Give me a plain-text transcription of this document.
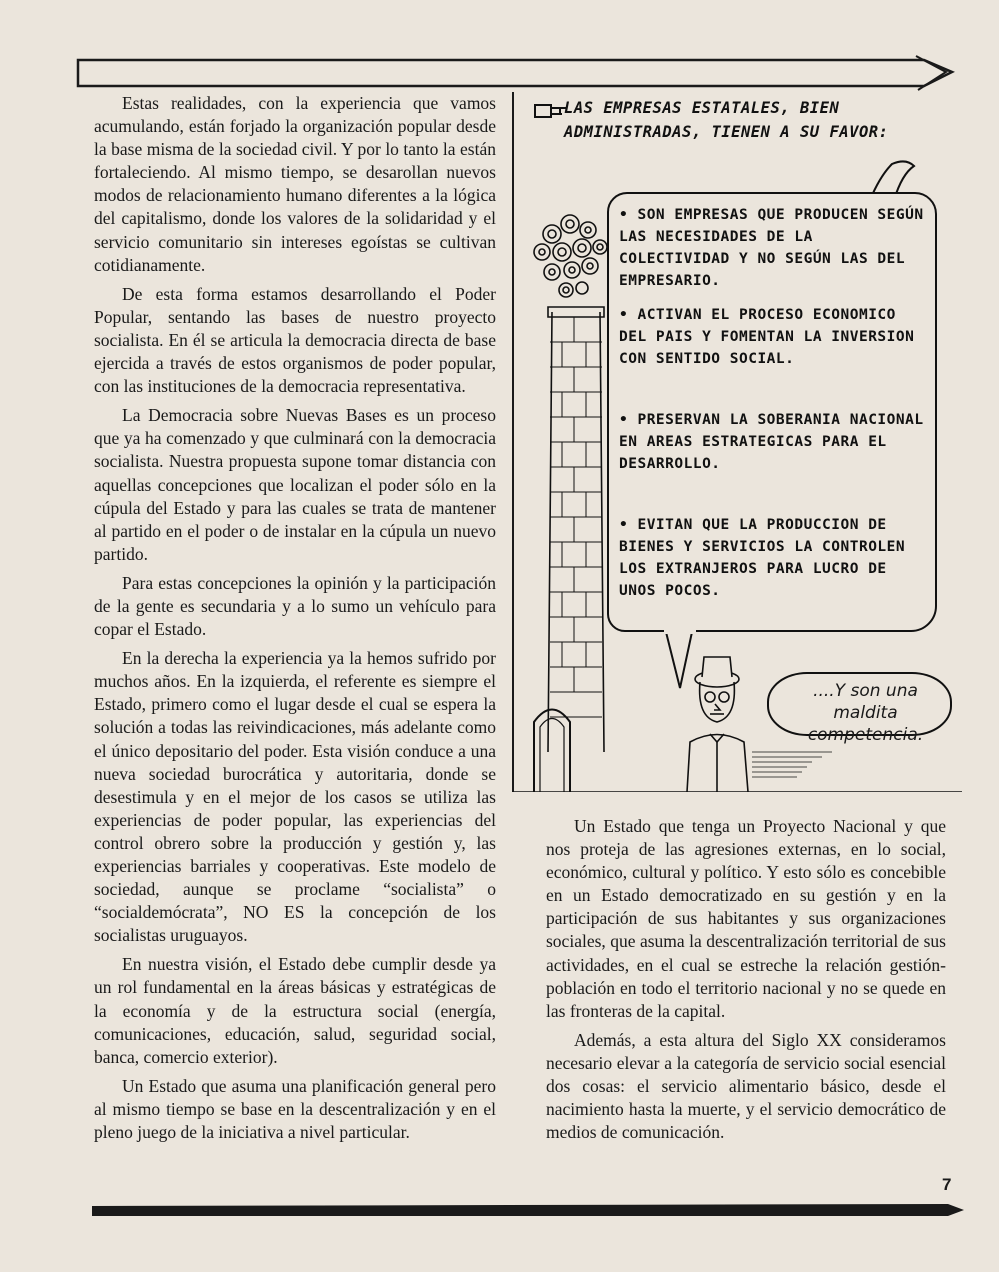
Estas realidades, con la experiencia que vamos acumulando, están forjado la organización popular desde la base misma de la sociedad civil. Y por lo tanto la están fortaleciendo. Al mismo tiempo, se desarollan nuevos modos de relacionamiento humano diferentes a la lógica del capitalismo, donde los valores de la solidaridad y el servicio comunitario sin intereses egoístas se cultivan cotidianamente.

De esta forma estamos desarrollando el Poder Popular, sentando las bases de nuestro proyecto socialista. En él se articula la democracia directa de base ejercida a través de estos organismos de poder popular, con las instituciones de la democracia representativa.

La Democracia sobre Nuevas Bases es un proceso que ya ha comenzado y que culminará con la democracia socialista. Nuestra propuesta supone tomar distancia con aquellas concepciones que localizan el poder sólo en la cúpula del Estado y para las cuales se trata de mantener al partido en el poder o de instalar en la cúpula un nuevo partido.

Para estas concepciones la opinión y la participación de la gente es secundaria y a lo sumo un vehículo para copar el Estado.

En la derecha la experiencia ya la hemos sufrido por muchos años. En la izquierda, el referente es siempre el Estado, primero como el lugar desde el cual se espera la solución a todas las reivindicaciones, más adelante como el único depositario del poder. Esta visión conduce a una nueva sociedad burocrática y autoritaria, donde se desestimula y en el mejor de los casos se utiliza las experiencias de poder popular, las experiencias del control obrero sobre la producción y gestión y, las experiencias barriales y cooperativas. Este modelo de sociedad, aunque se proclame “socialista” o “socialdemócrata”, NO ES la concepción de los socialistas uruguayos.

En nuestra visión, el Estado debe cumplir desde ya un rol fundamental en la áreas básicas y estratégicas de la economía y de la estructura social (energía, comunicaciones, educación, salud, seguridad social, banca, comercio exterior).

Un Estado que asuma una planificación general pero al mismo tiempo se base en la descentralización y en el pleno juego de la iniciativa a nivel particular.

LAS EMPRESAS ESTATALES, BIEN
ADMINISTRADAS, TIENEN A SU FAVOR:
• SON EMPRESAS QUE PRODUCEN SEGÚN LAS NECESIDADES DE LA COLECTIVIDAD Y NO SEGÚN LAS DEL EMPRESARIO.
• ACTIVAN EL PROCESO ECONOMICO DEL PAIS Y FOMENTAN LA INVERSION CON SENTIDO SOCIAL.
• PRESERVAN LA SOBERANIA NACIONAL EN AREAS ESTRATEGICAS PARA EL DESARROLLO.
• EVITAN QUE LA PRODUCCION DE BIENES Y SERVICIOS LA CONTROLEN LOS EXTRANJEROS PARA LUCRO DE UNOS POCOS.
....Y son una maldita competencia.

Un Estado que tenga un Proyecto Nacional y que nos proteja de las agresiones externas, en lo social, económico, cultural y político. Y esto sólo es concebible en un Estado democratizado en su gestión y en la participación de sus habitantes y sus organizaciones sociales, que asuma la descentralización territorial de sus actividades, en el cual se estreche la relación gestión-población en todo el territorio nacional y no se quede en las fronteras de la capital.

Además, a esta altura del Siglo XX consideramos necesario elevar a la categoría de servicio social esencial dos cosas: el servicio alimentario básico, desde el nacimiento hasta la muerte, y el servicio democrático de medios de comunicación.

7
